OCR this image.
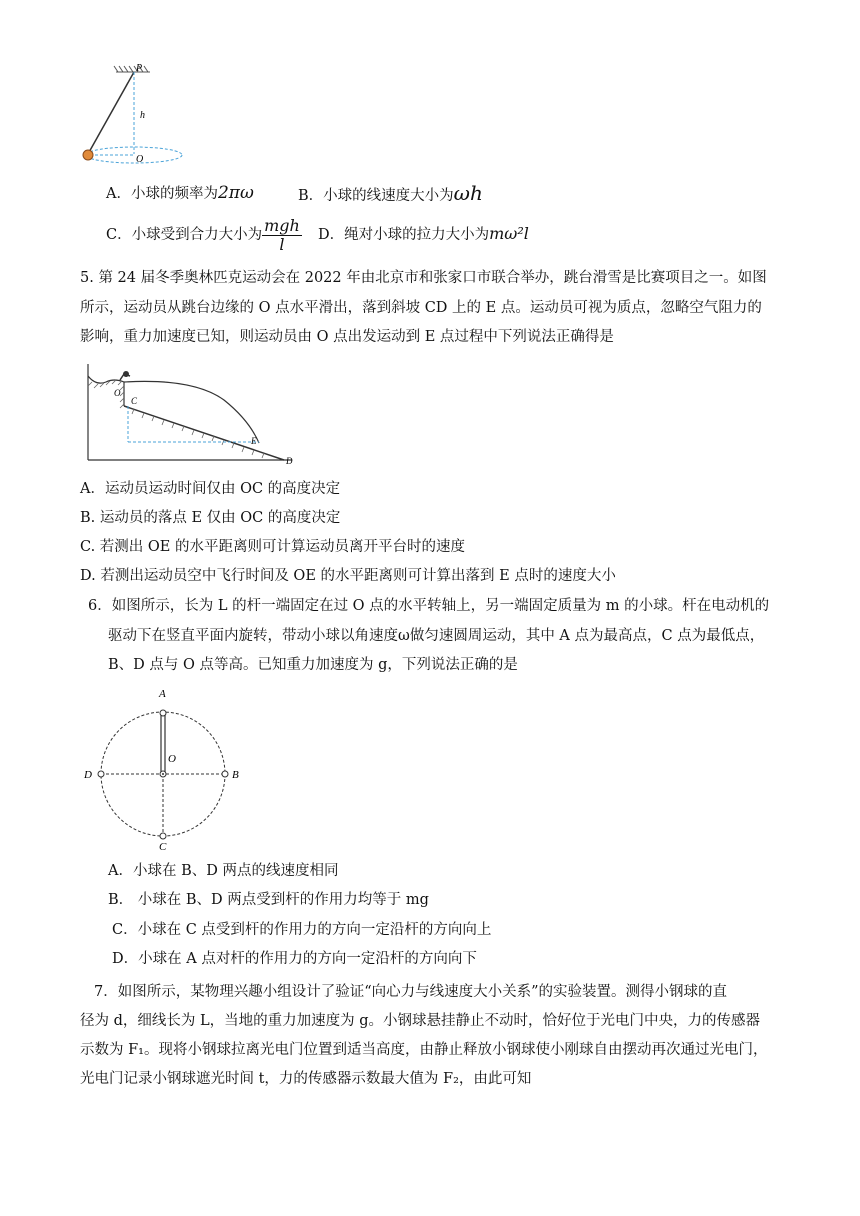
P
h
O
A．小球的频率为2πω	B．小球的线速度大小为ωh
C．小球受到合力大小为 $\frac{\text{mgh}}{l}$ D．绳对小球的拉力大小为mω²l
5. 第 24 届冬季奥林匹克运动会在 2022 年由北京市和张家口市联合举办，跳台滑雪是比赛项目之一。如图
所示，运动员从跳台边缘的 O 点水平滑出，落到斜坡 CD 上的 E 点。运动员可视为质点，忽略空气阻力的
影响，重力加速度已知，则运动员由 O 点出发运动到 E 点过程中下列说法正确得是
O
C
E
D
A．运动员运动时间仅由 OC 的高度决定
B. 运动员的落点 E 仅由 OC 的高度决定
C. 若测出 OE 的水平距离则可计算运动员离开平台时的速度
D. 若测出运动员空中飞行时间及 OE 的水平距离则可计算出落到 E 点时的速度大小
6．如图所示，长为 L 的杆一端固定在过 O 点的水平转轴上，另一端固定质量为 m 的小球。杆在电动机的
驱动下在竖直平面内旋转，带动小球以角速度ω做匀速圆周运动，其中 A 点为最高点，C 点为最低点，
B、D 点与 O 点等高。已知重力加速度为 g，下列说法正确的是
A
O
D	B
C
A．小球在 B、D 两点的线速度相同
B． 小球在 B、D 两点受到杆的作用力均等于 mg
C．小球在 C 点受到杆的作用力的方向一定沿杆的方向向上
D．小球在 A 点对杆的作用力的方向一定沿杆的方向向下
7．如图所示，某物理兴趣小组设计了验证“向心力与线速度大小关系”的实验装置。测得小钢球的直
径为 d，细线长为 L，当地的重力加速度为 g。小钢球悬挂静止不动时，恰好位于光电门中央，力的传感器
示数为 F₁。现将小钢球拉离光电门位置到适当高度，由静止释放小钢球使小刚球自由摆动再次通过光电门，
光电门记录小钢球遮光时间 t，力的传感器示数最大值为 F₂，由此可知
